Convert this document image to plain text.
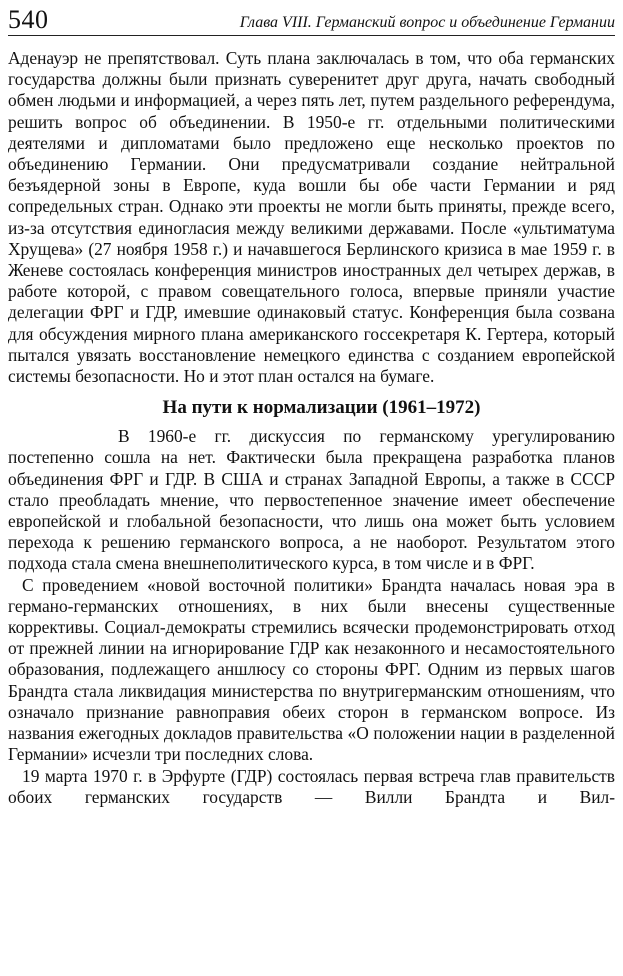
540	Глава VIII. Германский вопрос и объединение Германии

Аденауэр не препятствовал. Суть плана заключалась в том, что оба германских государства должны были признать суверенитет друг друга, начать свободный обмен людьми и информацией, а через пять лет, путем раздельного референдума, решить вопрос об объединении. В 1950-е гг. отдельными политическими деятелями и дипломатами было предложено еще несколько проектов по объединению Германии. Они предусматривали создание нейтральной безъядерной зоны в Европе, куда вошли бы обе части Германии и ряд сопредельных стран. Однако эти проекты не могли быть приняты, прежде всего, из-за отсутствия единогласия между великими державами. После «ультиматума Хрущева» (27 ноября 1958 г.) и начавшегося Берлинского кризиса в мае 1959 г. в Женеве состоялась конференция министров иностранных дел четырех держав, в работе которой, с правом совещательного голоса, впервые приняли участие делегации ФРГ и ГДР, имевшие одинаковый статус. Конференция была созвана для обсуждения мирного плана американского госсекретаря К. Гертера, который пытался увязать восстановление немецкого единства с созданием европейской системы безопасности. Но и этот план остался на бумаге.

На пути к нормализации (1961–1972)

В 1960-е гг. дискуссия по германскому урегулированию постепенно сошла на нет. Фактически была прекращена разработка планов объединения ФРГ и ГДР. В США и странах Западной Европы, а также в СССР стало преобладать мнение, что первостепенное значение имеет обеспечение европейской и глобальной безопасности, что лишь она может быть условием перехода к решению германского вопроса, а не наоборот. Результатом этого подхода стала смена внешнеполитического курса, в том числе и в ФРГ.

С проведением «новой восточной политики» Брандта началась новая эра в германо-германских отношениях, в них были внесены существенные коррективы. Социал-демократы стремились всячески продемонстрировать отход от прежней линии на игнорирование ГДР как незаконного и несамостоятельного образования, подлежащего аншлюсу со стороны ФРГ. Одним из первых шагов Брандта стала ликвидация министерства по внутригерманским отношениям, что означало признание равноправия обеих сторон в германском вопросе. Из названия ежегодных докладов правительства «О положении нации в разделенной Германии» исчезли три последних слова.

19 марта 1970 г. в Эрфурте (ГДР) состоялась первая встреча глав правительств обоих германских государств — Вилли Брандта и Вил-
